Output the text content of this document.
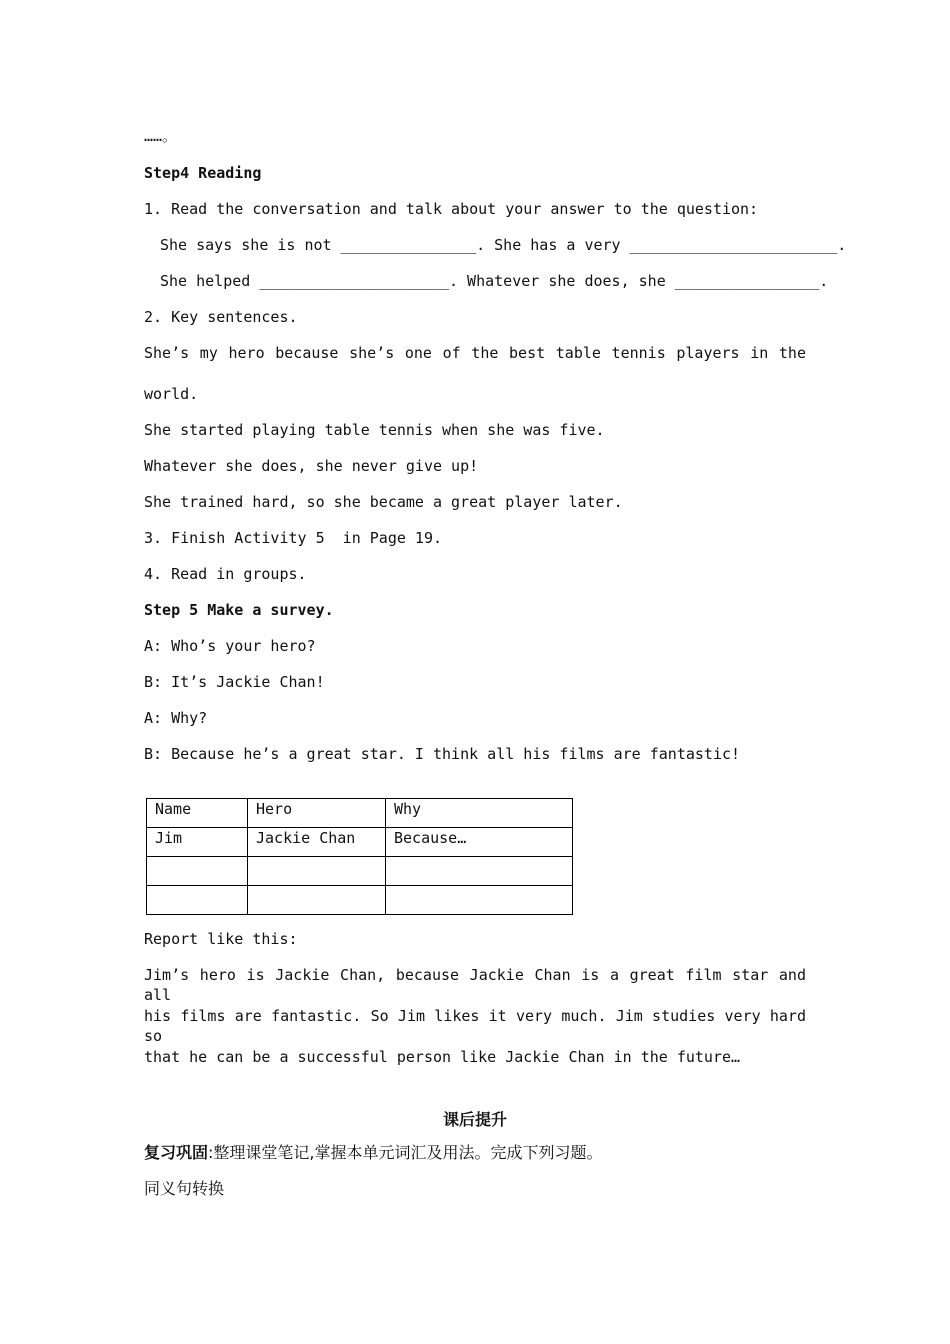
……。
Step4 Reading
1. Read the conversation and talk about your answer to the question:
She says she is not _______________. She has a very _______________________.
She helped _____________________. Whatever she does, she ________________.
2. Key sentences.
She’s my hero because she’s one of the best table tennis players in the
world.
She started playing table tennis when she was five.
Whatever she does, she never give up!
She trained hard, so she became a great player later.
3. Finish Activity 5  in Page 19.
4. Read in groups.
Step 5 Make a survey.
A: Who’s your hero?
B: It’s Jackie Chan!
A: Why?
B: Because he’s a great star. I think all his films are fantastic!
Name	Hero	Why
Jim	Jackie Chan	Because…

Report like this:
Jim’s hero is Jackie Chan, because Jackie Chan is a great film star and all
his films are fantastic. So Jim likes it very much. Jim studies very hard so
that he can be a successful person like Jackie Chan in the future…
课后提升
复习巩固:整理课堂笔记,掌握本单元词汇及用法。完成下列习题。
同义句转换
